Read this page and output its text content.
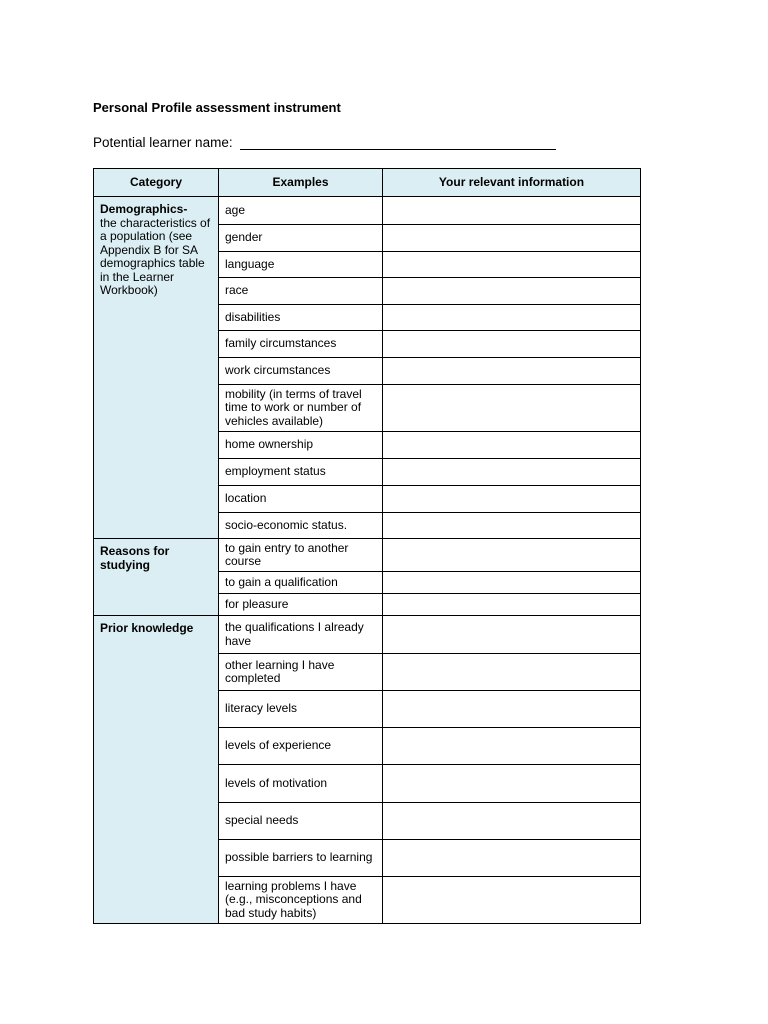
Personal Profile assessment instrument
Potential learner name:
Category	Examples	Your relevant information
Demographics-
the characteristics of a population (see Appendix B for SA demographics table in the Learner Workbook)	age	
	gender	
	language	
	race	
	disabilities	
	family circumstances	
	work circumstances	
	mobility (in terms of travel time to work or number of vehicles available)	
	home ownership	
	employment status	
	location	
	socio-economic status.	
Reasons for studying	to gain entry to another course	
	to gain a qualification	
	for pleasure	
Prior knowledge	the qualifications I already have	
	other learning I have completed	
	literacy levels	
	levels of experience	
	levels of motivation	
	special needs	
	possible barriers to learning	
	learning problems I have (e.g., misconceptions and bad study habits)	
